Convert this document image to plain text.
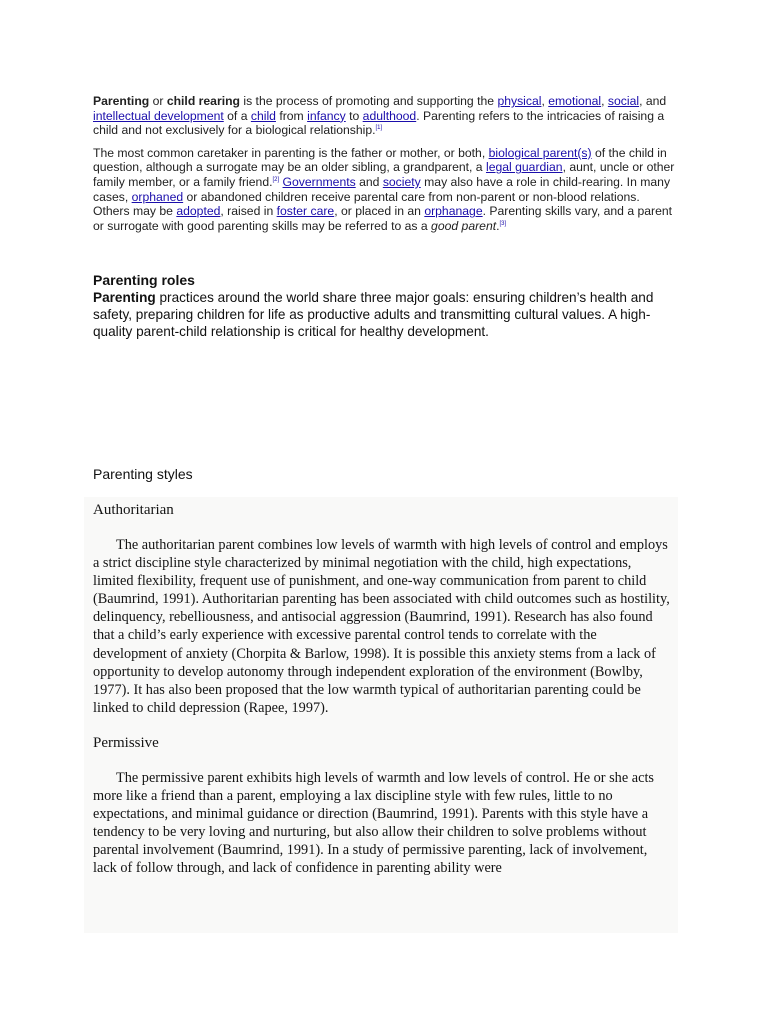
Parenting or child rearing is the process of promoting and supporting the physical, emotional, social, and intellectual development of a child from infancy to adulthood. Parenting refers to the intricacies of raising a child and not exclusively for a biological relationship.[1]

The most common caretaker in parenting is the father or mother, or both, biological parent(s) of the child in question, although a surrogate may be an older sibling, a grandparent, a legal guardian, aunt, uncle or other family member, or a family friend.[2] Governments and society may also have a role in child-rearing. In many cases, orphaned or abandoned children receive parental care from non-parent or non-blood relations. Others may be adopted, raised in foster care, or placed in an orphanage. Parenting skills vary, and a parent or surrogate with good parenting skills may be referred to as a good parent.[3]

Parenting roles

Parenting practices around the world share three major goals: ensuring children’s health and safety, preparing children for life as productive adults and transmitting cultural values. A high-quality parent-child relationship is critical for healthy development.

Parenting styles
Authoritarian

The authoritarian parent combines low levels of warmth with high levels of control and employs a strict discipline style characterized by minimal negotiation with the child, high expectations, limited flexibility, frequent use of punishment, and one-way communication from parent to child (Baumrind, 1991). Authoritarian parenting has been associated with child outcomes such as hostility, delinquency, rebelliousness, and antisocial aggression (Baumrind, 1991). Research has also found that a child’s early experience with excessive parental control tends to correlate with the development of anxiety (Chorpita & Barlow, 1998). It is possible this anxiety stems from a lack of opportunity to develop autonomy through independent exploration of the environment (Bowlby, 1977). It has also been proposed that the low warmth typical of authoritarian parenting could be linked to child depression (Rapee, 1997).

Permissive

The permissive parent exhibits high levels of warmth and low levels of control. He or she acts more like a friend than a parent, employing a lax discipline style with few rules, little to no expectations, and minimal guidance or direction (Baumrind, 1991). Parents with this style have a tendency to be very loving and nurturing, but also allow their children to solve problems without parental involvement (Baumrind, 1991). In a study of permissive parenting, lack of involvement, lack of follow through, and lack of confidence in parenting ability were
